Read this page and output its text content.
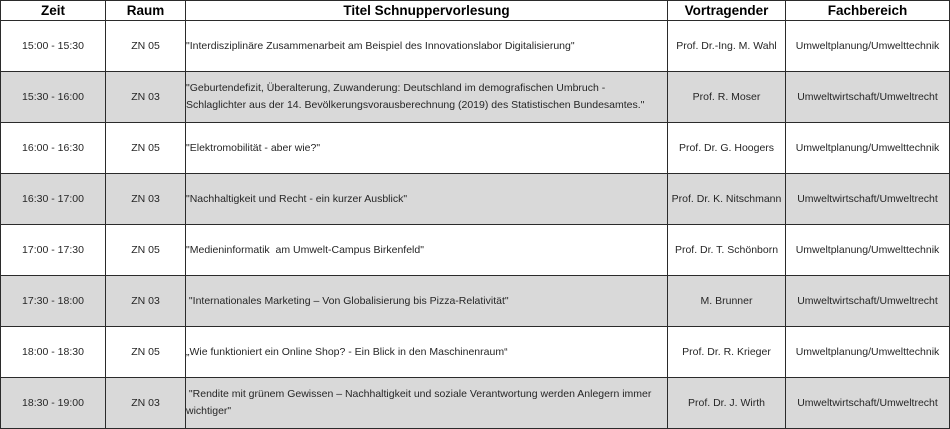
Zeit	Raum	Titel Schnuppervorlesung	Vortragender	Fachbereich
15:00 - 15:30	ZN 05	"Interdisziplinäre Zusammenarbeit am Beispiel des Innovationslabor Digitalisierung"	Prof. Dr.-Ing. M. Wahl	Umweltplanung/Umwelttechnik
15:30 - 16:00	ZN 03	"Geburtendefizit, Überalterung, Zuwanderung: Deutschland im demografischen Umbruch - Schlaglichter aus der 14. Bevölkerungsvorausberechnung (2019) des Statistischen Bundesamtes."	Prof. R. Moser	Umweltwirtschaft/Umweltrecht
16:00 - 16:30	ZN 05	"Elektromobilität - aber wie?"	Prof. Dr. G. Hoogers	Umweltplanung/Umwelttechnik
16:30 - 17:00	ZN 03	"Nachhaltigkeit und Recht - ein kurzer Ausblick"	Prof. Dr. K. Nitschmann	Umweltwirtschaft/Umweltrecht
17:00 - 17:30	ZN 05	"Medieninformatik  am Umwelt-Campus Birkenfeld"	Prof. Dr. T. Schönborn	Umweltplanung/Umwelttechnik
17:30 - 18:00	ZN 03	"Internationales Marketing – Von Globalisierung bis Pizza-Relativität"	M. Brunner	Umweltwirtschaft/Umweltrecht
18:00 - 18:30	ZN 05	„Wie funktioniert ein Online Shop? - Ein Blick in den Maschinenraum“	Prof. Dr. R. Krieger	Umweltplanung/Umwelttechnik
18:30 - 19:00	ZN 03	"Rendite mit grünem Gewissen – Nachhaltigkeit und soziale Verantwortung werden Anlegern immer wichtiger"	Prof. Dr. J. Wirth	Umweltwirtschaft/Umweltrecht
